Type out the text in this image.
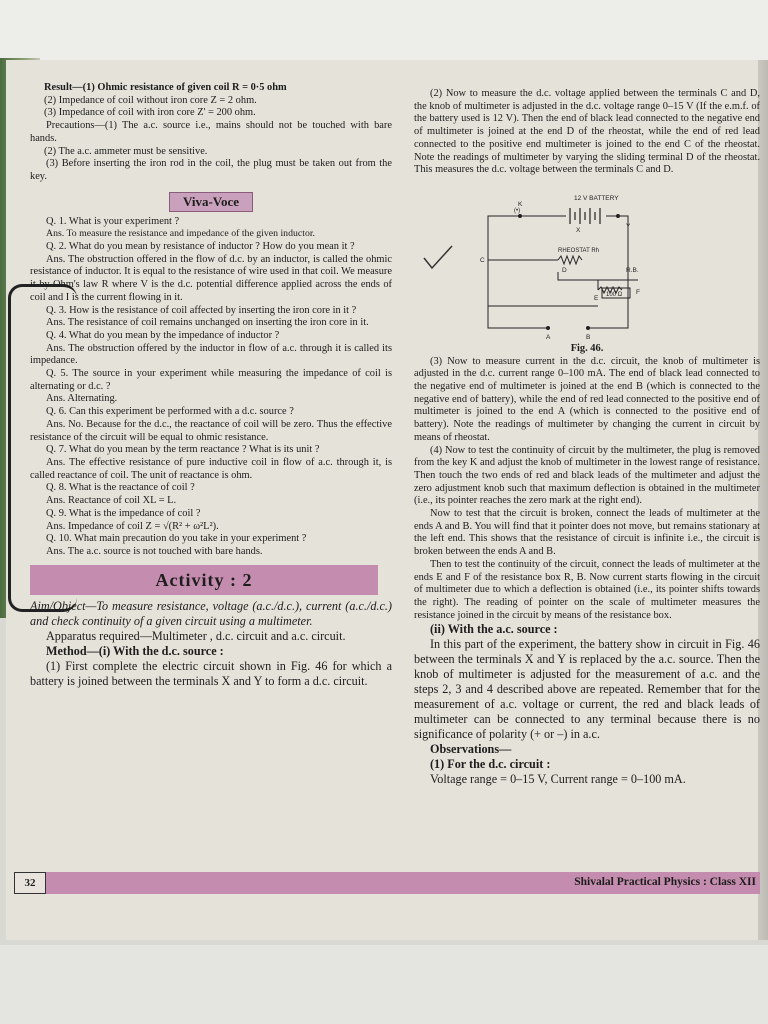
Result—(1) Ohmic resistance of given coil R = 0·5 ohm

(2) Impedance of coil without iron core Z = 2 ohm.

(3) Impedance of coil with iron core Z' = 200 ohm.

Precautions—(1) The a.c. source i.e., mains should not be touched with bare hands.

(2) The a.c. ammeter must be sensitive.

(3) Before inserting the iron rod in the coil, the plug must be taken out from the key.

Viva-Voce

Q. 1. What is your experiment ?

Ans. To measure the resistance and impedance of the given inductor.

Q. 2. What do you mean by resistance of inductor ? How do you mean it ?

Ans. The obstruction offered in the flow of d.c. by an inductor, is called the ohmic resistance of inductor. It is equal to the resistance of wire used in that coil. We measure it by Ohm's law R where V is the d.c. potential difference applied across the ends of coil and I is the current flowing in it.

Q. 3. How is the resistance of coil affected by inserting the iron core in it ?

Ans. The resistance of coil remains unchanged on inserting the iron core in it.

Q. 4. What do you mean by the impedance of inductor ?

Ans. The obstruction offered by the inductor in flow of a.c. through it is called its impedance.

Q. 5. The source in your experiment while measuring the impedance of coil is alternating or d.c. ?

Ans. Alternating.

Q. 6. Can this experiment be performed with a d.c. source ?

Ans. No. Because for the d.c., the reactance of coil will be zero. Thus the effective resistance of the circuit will be equal to ohmic resistance.

Q. 7. What do you mean by the term reactance ? What is its unit ?

Ans. The effective resistance of pure inductive coil in flow of a.c. through it, is called reactance of coil. The unit of reactance is ohm.

Q. 8. What is the reactance of coil ?

Ans. Reactance of coil XL = L.

Q. 9. What is the impedance of coil ?

Ans. Impedance of coil Z = √(R² + ω²L²).

Q. 10. What main precaution do you take in your experiment ?

Ans. The a.c. source is not touched with bare hands.

Activity : 2

Aim/Object—To measure resistance, voltage (a.c./d.c.), current (a.c./d.c.) and check continuity of a given circuit using a multimeter.

Apparatus required—Multimeter , d.c. circuit and a.c. circuit.

Method—(i) With the d.c. source :

(1) First complete the electric circuit shown in Fig. 46 for which a battery is joined between the terminals X and Y to form a d.c. circuit.

(2) Now to measure the d.c. voltage applied between the terminals C and D, the knob of multimeter is adjusted in the d.c. voltage range 0–15 V (If the e.m.f. of the battery used is 12 V). Then the end of black lead connected to the negative end of multimeter is joined at the end D of the rheostat, while the end of red lead connected to the positive end multimeter is joined to the end C of the rheostat. Note the readings of multimeter by varying the sliding terminal D of the rheostat. This measures the d.c. voltage between the terminals C and D.

Fig. 46.

(3) Now to measure current in the d.c. circuit, the knob of multimeter is adjusted in the d.c. current range 0–100 mA. The end of black lead connected to the negative end of multimeter is joined at the end B (which is connected to the negative end of battery), while the end of red lead connected to the positive end of multimeter is joined to the end A (which is connected to the positive end of battery). Note the readings of multimeter by changing the current in circuit by means of rheostat.

(4) Now to test the continuity of circuit by the multimeter, the plug is removed from the key K and adjust the knob of multimeter in the lowest range of resistance. Then touch the two ends of red and black leads of the multimeter and adjust the zero adjustment knob such that maximum deflection is obtained in the multimeter (i.e., its pointer reaches the zero mark at the right end).

Now to test that the circuit is broken, connect the leads of multimeter at the ends A and B. You will find that it pointer does not move, but remains stationary at the left end. This shows that the resistance of circuit is infinite i.e., the circuit is broken between the ends A and B.

Then to test the continuity of the circuit, connect the leads of multimeter at the ends E and F of the resistance box R, B. Now current starts flowing in the circuit of multimeter due to which a deflection is obtained (i.e., its pointer shifts towards the right). The reading of pointer on the scale of multimeter measures the resistance joined in the circuit by means of the resistance box.

(ii) With the a.c. source :

In this part of the experiment, the battery show in circuit in Fig. 46 between the terminals X and Y is replaced by the a.c. source. Then the knob of multimeter is adjusted for the measurement of a.c. and the steps 2, 3 and 4 described above are repeated. Remember that for the measurement of a.c. voltage or current, the red and black leads of multimeter can be connected to any terminal because there is no significance of polarity (+ or –) in a.c.

Observations—

(1) For the d.c. circuit :

Voltage range = 0–15 V, Current range = 0–100 mA.

12 V BATTERY
K
(•)
X
Y
RHEOSTAT Rh
C
D	R.B.
100 Ω
E
F
A	B
32	Shivalal Practical Physics : Class XII
